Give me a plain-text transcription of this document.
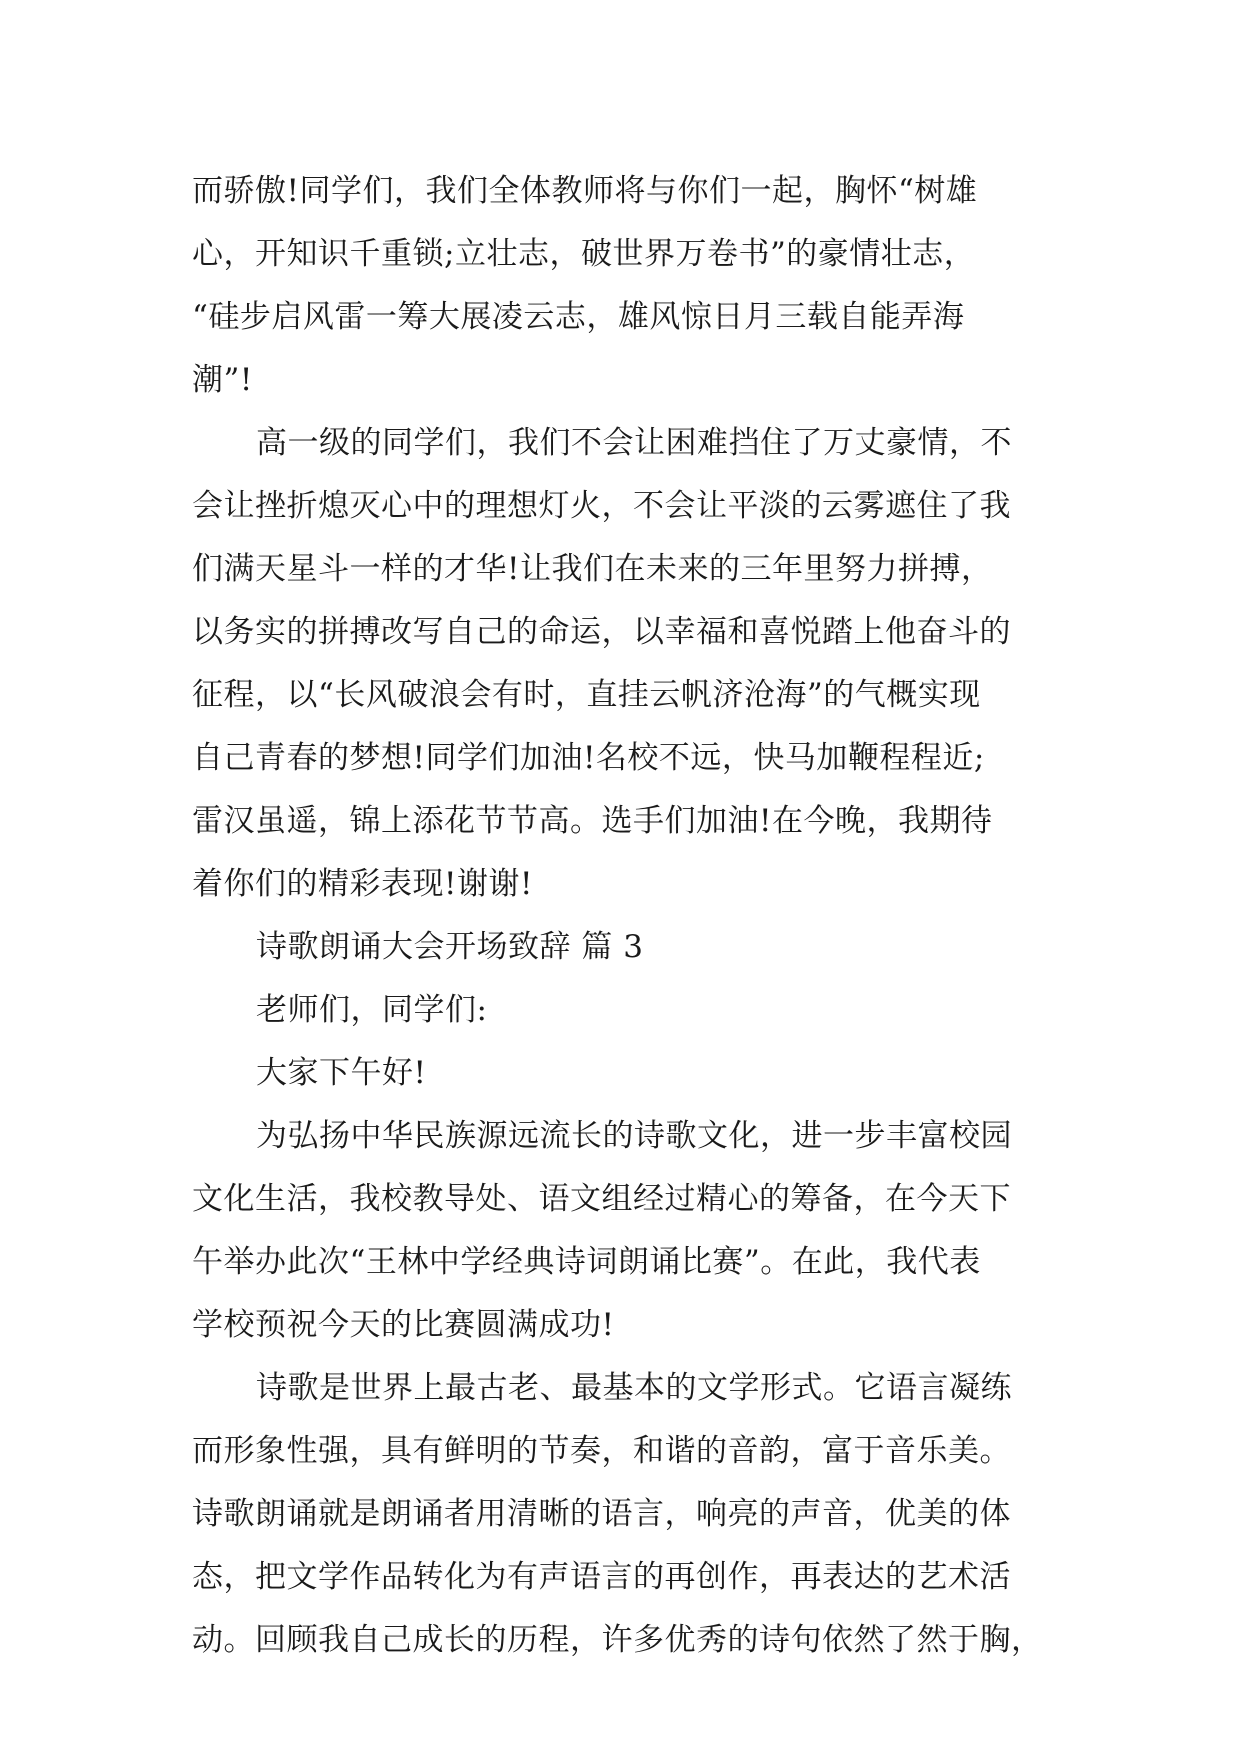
而骄傲!同学们，我们全体教师将与你们一起，胸怀“树雄
心，开知识千重锁;立壮志，破世界万卷书”的豪情壮志，
“硅步启风雷一筹大展凌云志，雄风惊日月三载自能弄海
潮”!
高一级的同学们，我们不会让困难挡住了万丈豪情，不
会让挫折熄灭心中的理想灯火，不会让平淡的云雾遮住了我
们满天星斗一样的才华!让我们在未来的三年里努力拼搏，
以务实的拼搏改写自己的命运，以幸福和喜悦踏上他奋斗的
征程，以“长风破浪会有时，直挂云帆济沧海”的气概实现
自己青春的梦想!同学们加油!名校不远，快马加鞭程程近;
雷汉虽遥，锦上添花节节高。选手们加油!在今晚，我期待
着你们的精彩表现!谢谢!
诗歌朗诵大会开场致辞 篇 3
老师们，同学们:
大家下午好!
为弘扬中华民族源远流长的诗歌文化，进一步丰富校园
文化生活，我校教导处、语文组经过精心的筹备，在今天下
午举办此次“王林中学经典诗词朗诵比赛”。在此，我代表
学校预祝今天的比赛圆满成功!
诗歌是世界上最古老、最基本的文学形式。它语言凝练
而形象性强，具有鲜明的节奏，和谐的音韵，富于音乐美。
诗歌朗诵就是朗诵者用清晰的语言，响亮的声音，优美的体
态，把文学作品转化为有声语言的再创作，再表达的艺术活
动。回顾我自己成长的历程，许多优秀的诗句依然了然于胸，
